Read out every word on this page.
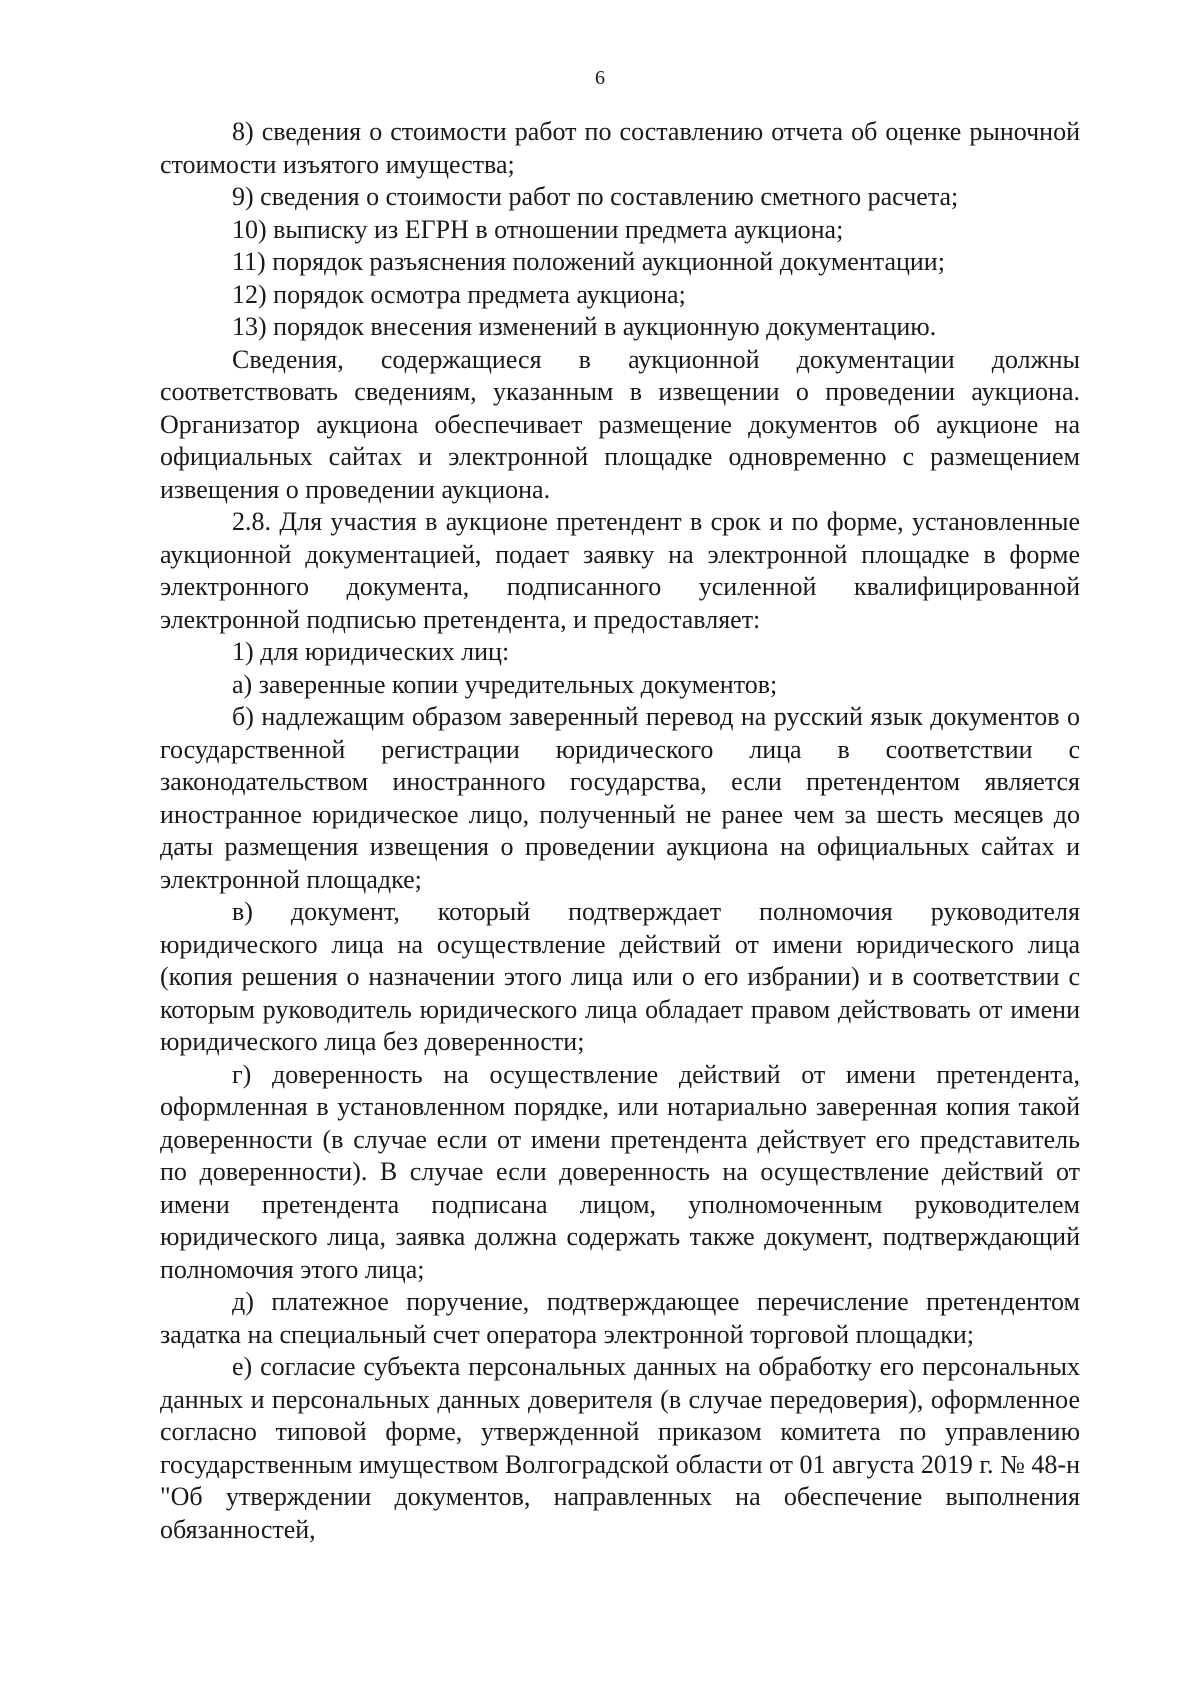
6

8) сведения о стоимости работ по составлению отчета об оценке рыночной стоимости изъятого имущества;

9) сведения о стоимости работ по составлению сметного расчета;

10) выписку из ЕГРН в отношении предмета аукциона;

11) порядок разъяснения положений аукционной документации;

12) порядок осмотра предмета аукциона;

13) порядок внесения изменений в аукционную документацию.

Сведения, содержащиеся в аукционной документации должны соответствовать сведениям, указанным в извещении о проведении аукциона. Организатор аукциона обеспечивает размещение документов об аукционе на официальных сайтах и электронной площадке одновременно с размещением извещения о проведении аукциона.

2.8. Для участия в аукционе претендент в срок и по форме, установленные аукционной документацией, подает заявку на электронной площадке в форме электронного документа, подписанного усиленной квалифицированной электронной подписью претендента, и предоставляет:

1) для юридических лиц:

а) заверенные копии учредительных документов;

б) надлежащим образом заверенный перевод на русский язык документов о государственной регистрации юридического лица в соответствии с законодательством иностранного государства, если претендентом является иностранное юридическое лицо, полученный не ранее чем за шесть месяцев до даты размещения извещения о проведении аукциона на официальных сайтах и электронной площадке;

в) документ, который подтверждает полномочия руководителя юридического лица на осуществление действий от имени юридического лица (копия решения о назначении этого лица или о его избрании) и в соответствии с которым руководитель юридического лица обладает правом действовать от имени юридического лица без доверенности;

г) доверенность на осуществление действий от имени претендента, оформленная в установленном порядке, или нотариально заверенная копия такой доверенности (в случае если от имени претендента действует его представитель по доверенности). В случае если доверенность на осуществление действий от имени претендента подписана лицом, уполномоченным руководителем юридического лица, заявка должна содержать также документ, подтверждающий полномочия этого лица;

д) платежное поручение, подтверждающее перечисление претендентом задатка на специальный счет оператора электронной торговой площадки;

е) согласие субъекта персональных данных на обработку его персональных данных и персональных данных доверителя (в случае передоверия), оформленное согласно типовой форме, утвержденной приказом комитета по управлению государственным имуществом Волгоградской области от 01 августа 2019 г. № 48-н "Об утверждении документов, направленных на обеспечение выполнения обязанностей,
